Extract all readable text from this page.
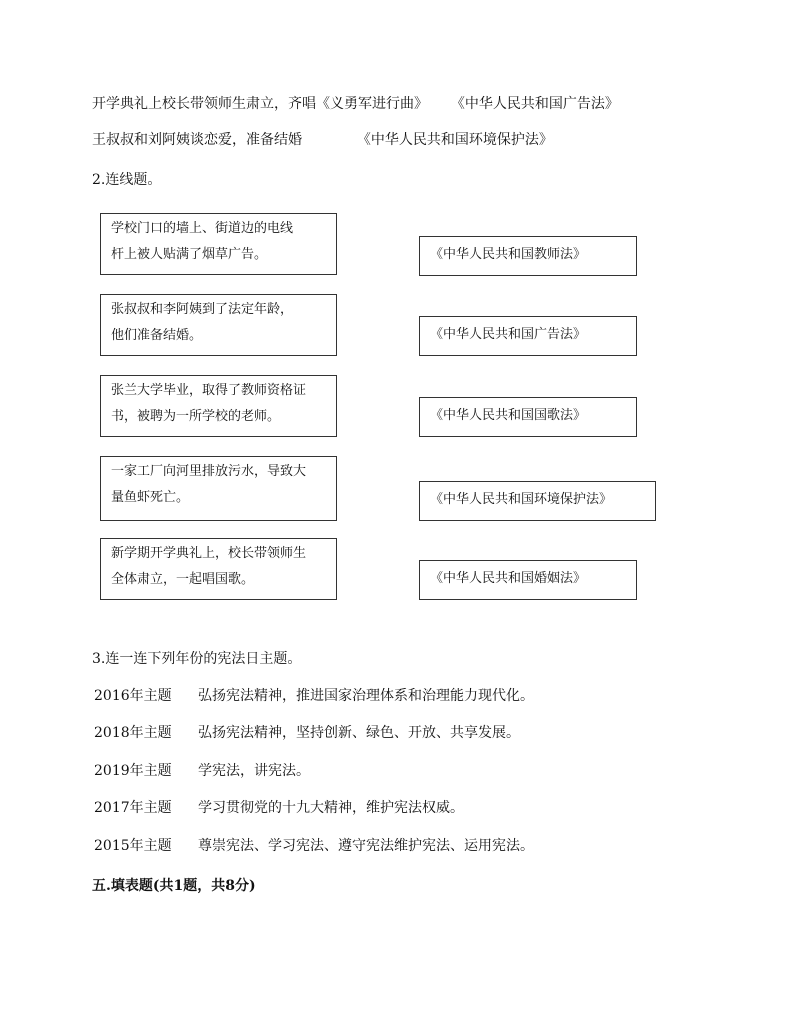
开学典礼上校长带领师生肃立，齐唱《义勇军进行曲》 《中华人民共和国广告法》
王叔叔和刘阿姨谈恋爱，准备结婚	《中华人民共和国环境保护法》
2.连线题。
学校门口的墙上、街道边的电线
杆上被人贴满了烟草广告。
张叔叔和李阿姨到了法定年龄，
他们准备结婚。
张兰大学毕业，取得了教师资格证
书，被聘为一所学校的老师。
一家工厂向河里排放污水，导致大
量鱼虾死亡。
新学期开学典礼上，校长带领师生
全体肃立，一起唱国歌。
《中华人民共和国教师法》
《中华人民共和国广告法》
《中华人民共和国国歌法》
《中华人民共和国环境保护法》
《中华人民共和国婚姻法》
3.连一连下列年份的宪法日主题。
2016年主题 弘扬宪法精神，推进国家治理体系和治理能力现代化。
2018年主题 弘扬宪法精神，坚持创新、绿色、开放、共享发展。
2019年主题 学宪法，讲宪法。
2017年主题 学习贯彻党的十九大精神，维护宪法权威。
2015年主题 尊崇宪法、学习宪法、遵守宪法维护宪法、运用宪法。
五.填表题(共1题，共8分)
